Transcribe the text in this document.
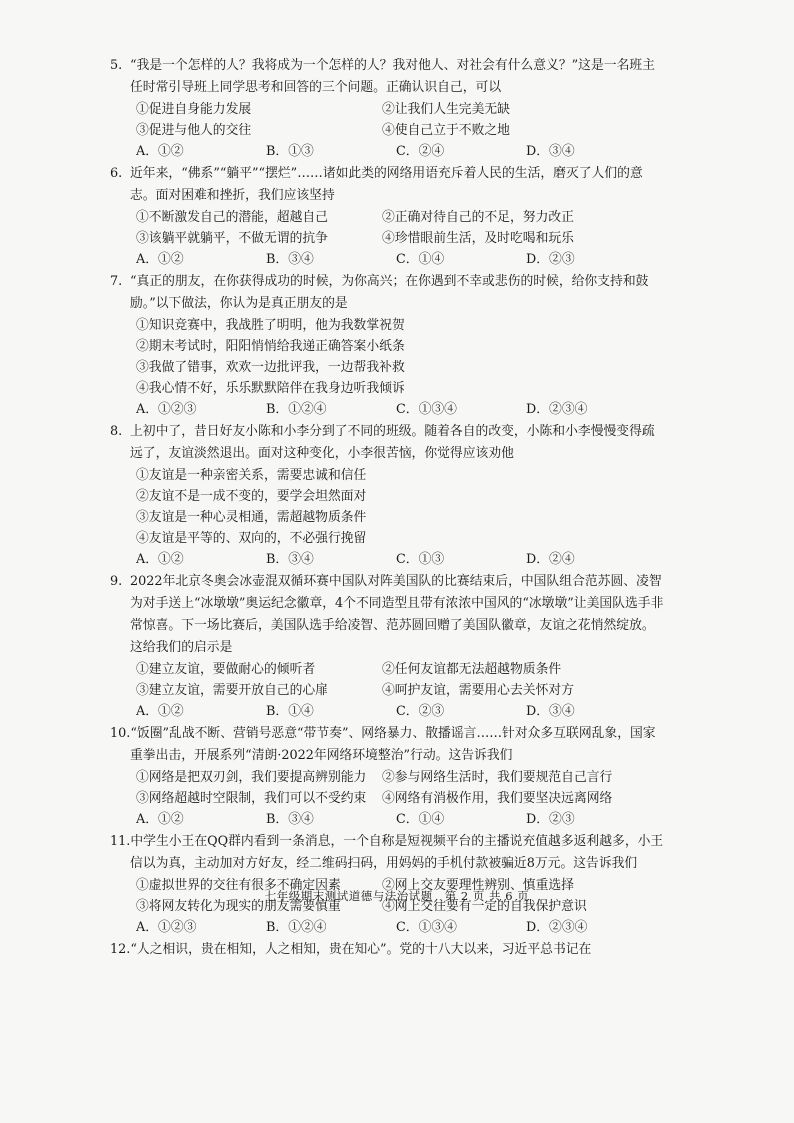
5. “我是一个怎样的人？我将成为一个怎样的人？我对他人、对社会有什么意义？”这是一名班主任时常引导班上同学思考和回答的三个问题。正确认识自己，可以

①促进自身能力发展	②让我们人生完美无缺
③促进与他人的交往	④使自己立于不败之地
A．①②	B．①③	C．②④	D．③④

6. 近年来，“佛系”“躺平”“摆烂”……诸如此类的网络用语充斥着人民的生活，磨灭了人们的意志。面对困难和挫折，我们应该坚持

①不断激发自己的潜能，超越自己	②正确对待自己的不足，努力改正
③该躺平就躺平，不做无谓的抗争	④珍惜眼前生活，及时吃喝和玩乐
A．①②	B．③④	C．①④	D．②③

7. “真正的朋友，在你获得成功的时候，为你高兴；在你遇到不幸或悲伤的时候，给你支持和鼓励。”以下做法，你认为是真正朋友的是

①知识竞赛中，我战胜了明明，他为我数掌祝贺
②期末考试时，阳阳悄悄给我递正确答案小纸条
③我做了错事，欢欢一边批评我，一边帮我补救
④我心情不好，乐乐默默陪伴在我身边听我倾诉
A．①②③	B．①②④	C．①③④	D．②③④

8. 上初中了，昔日好友小陈和小李分到了不同的班级。随着各自的改变，小陈和小李慢慢变得疏远了，友谊淡然退出。面对这种变化，小李很苦恼，你觉得应该劝他

①友谊是一种亲密关系，需要忠诚和信任
②友谊不是一成不变的，要学会坦然面对
③友谊是一种心灵相通，需超越物质条件
④友谊是平等的、双向的，不必强行挽留
A．①②	B．③④	C．①③	D．②④

9. 2022年北京冬奥会冰壶混双循环赛中国队对阵美国队的比赛结束后，中国队组合范苏圆、凌智为对手送上“冰墩墩”奥运纪念徽章，4个不同造型且带有浓浓中国风的“冰墩墩”让美国队选手非常惊喜。下一场比赛后，美国队选手给凌智、范苏圆回赠了美国队徽章，友谊之花悄然绽放。这给我们的启示是

①建立友谊，要做耐心的倾听者	②任何友谊都无法超越物质条件
③建立友谊，需要开放自己的心扉	④呵护友谊，需要用心去关怀对方
A．①②	B．①④	C．②③	D．③④

10.“饭圈”乱战不断、营销号恶意“带节奏”、网络暴力、散播谣言……针对众多互联网乱象，国家重拳出击，开展系列“清朗·2022年网络环境整治”行动。这告诉我们

①网络是把双刃剑，我们要提高辨别能力	②参与网络生活时，我们要规范自己言行
③网络超越时空限制，我们可以不受约束	④网络有消极作用，我们要坚决远离网络
A．①②	B．③④	C．①④	D．②③

11.中学生小王在QQ群内看到一条消息，一个自称是短视频平台的主播说充值越多返利越多，小王信以为真，主动加对方好友，经二维码扫码，用妈妈的手机付款被骗近8万元。这告诉我们

①虚拟世界的交往有很多不确定因素	②网上交友要理性辨别、慎重选择
③将网友转化为现实的朋友需要慎重	④网上交往要有一定的自我保护意识
A．①②③	B．①②④	C．①③④	D．②③④

12.“人之相识，贵在相知，人之相知，贵在知心”。党的十八大以来，习近平总书记在

七年级期末测试道德与法治试题　第 2 页 共 6 页
